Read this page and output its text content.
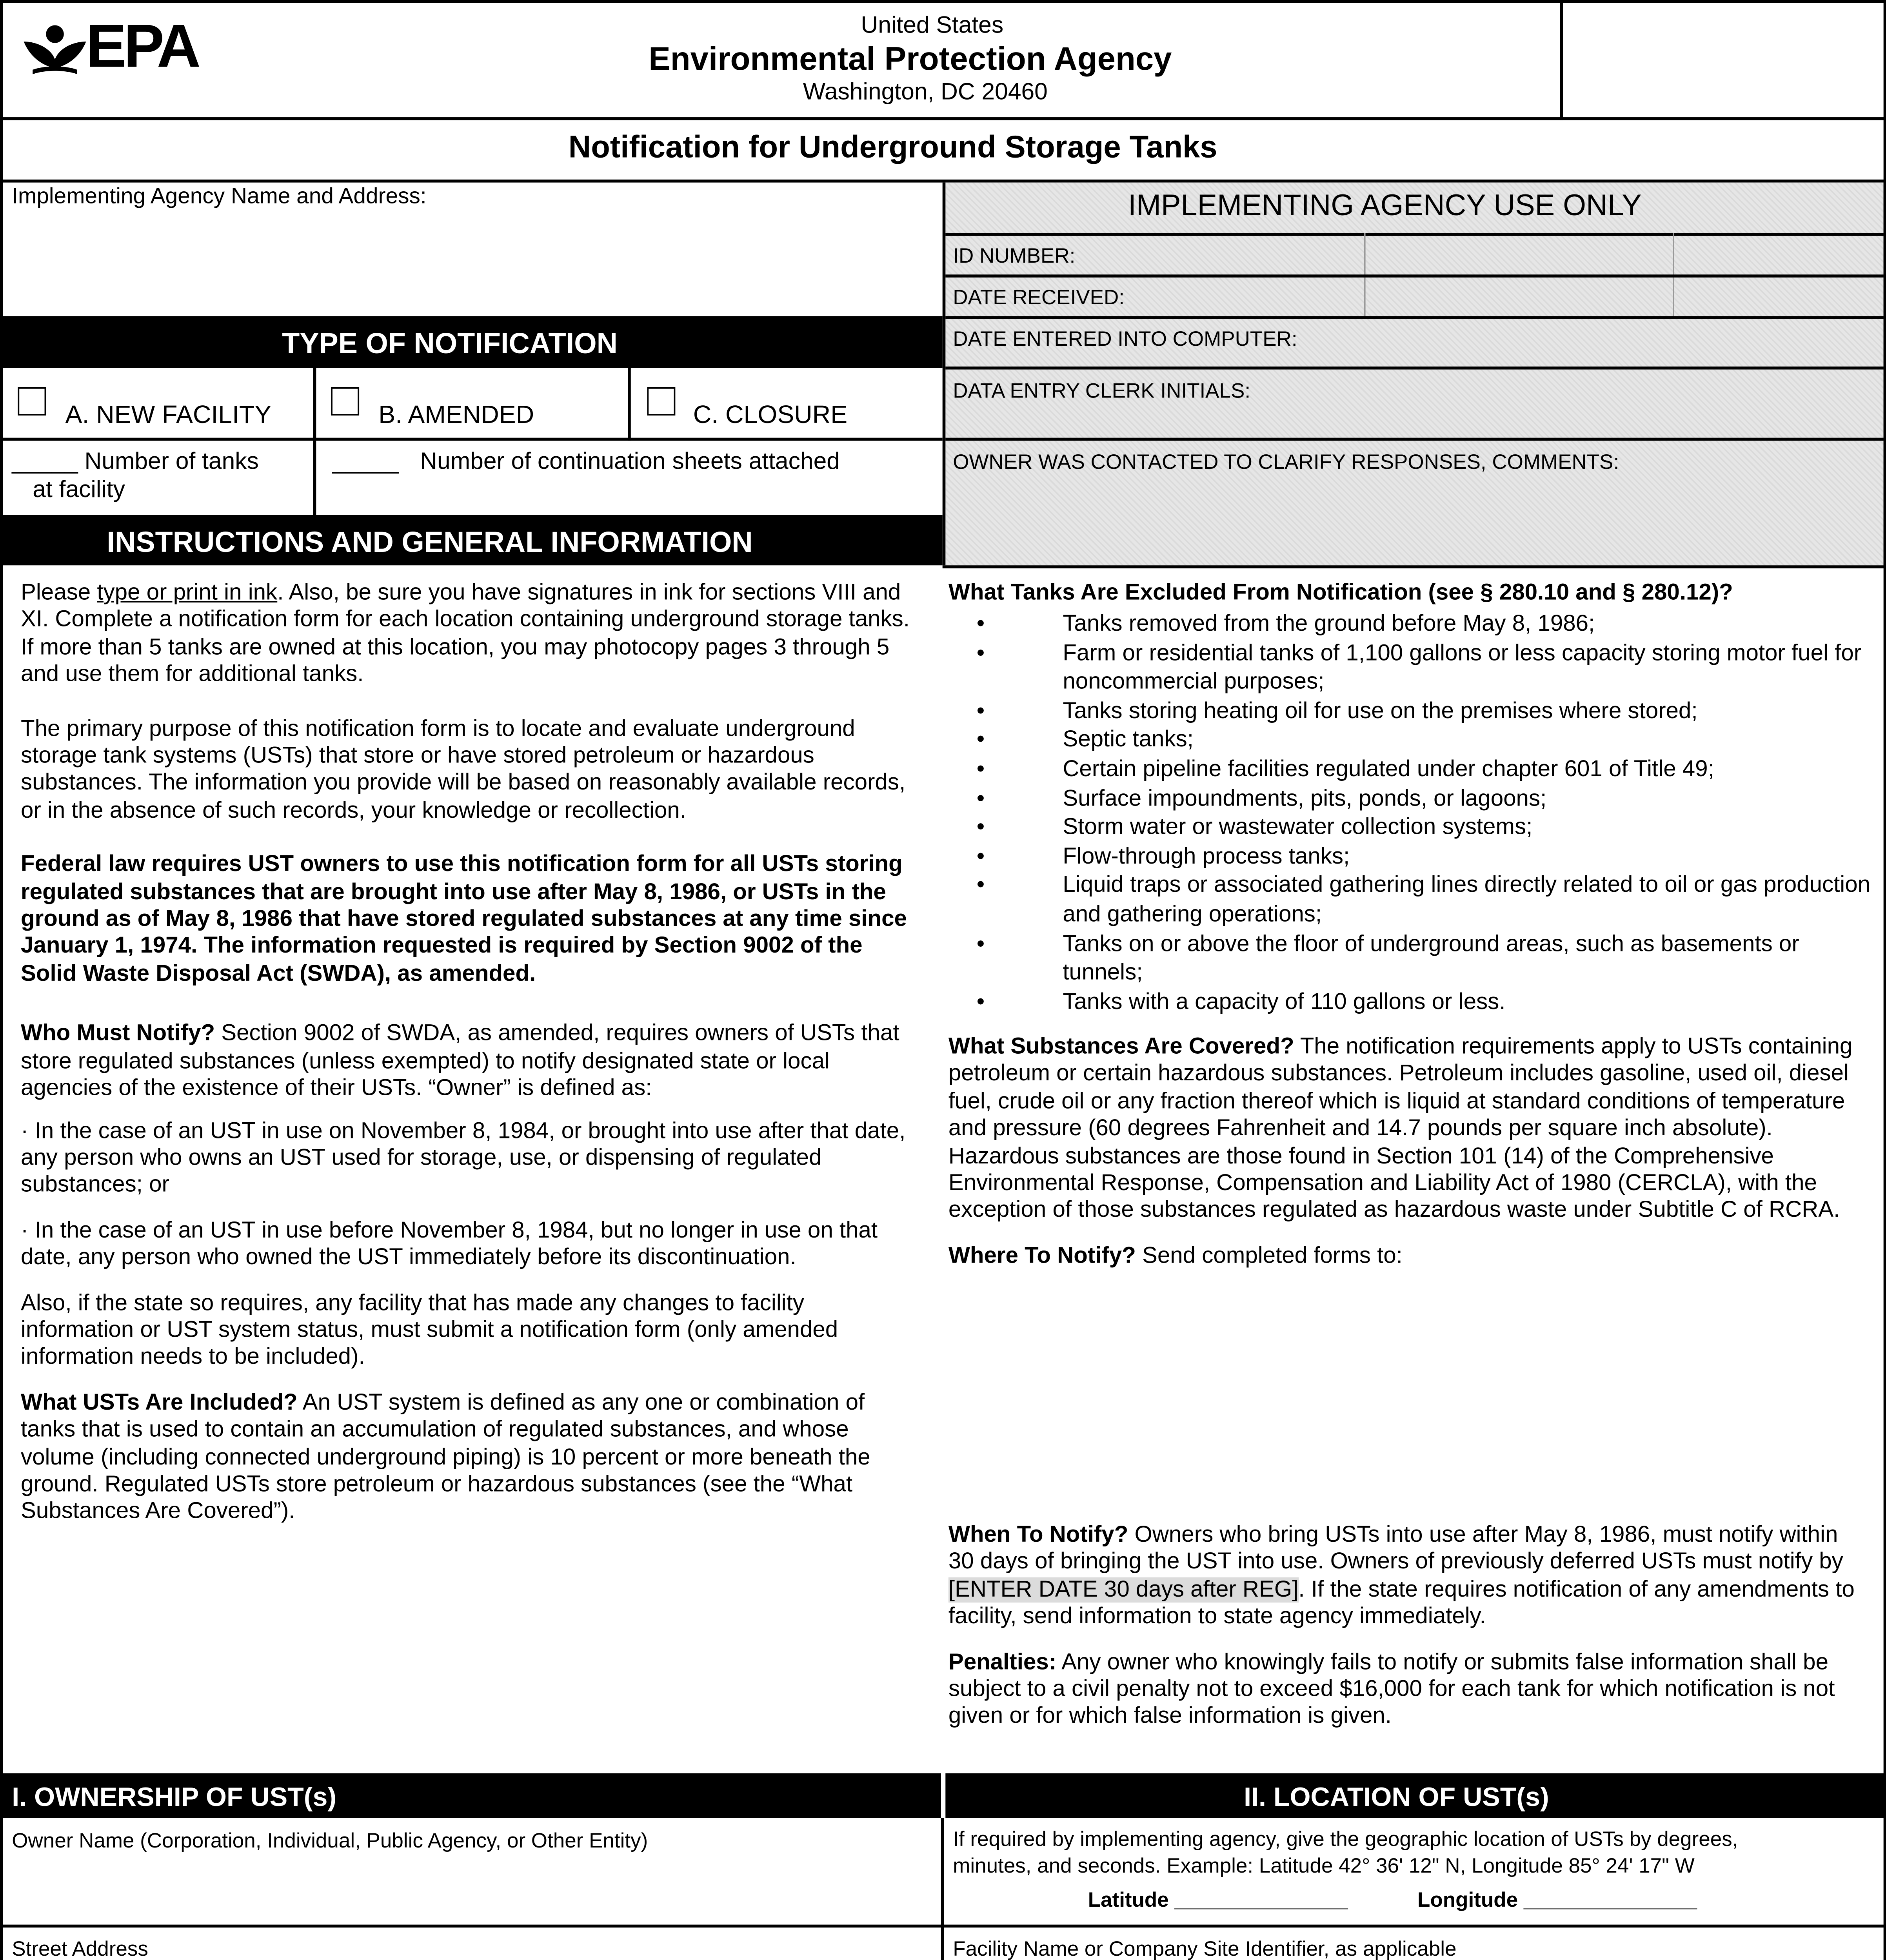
EPA	United States
Environmental Protection Agency
Washington, DC 20460
Notification for Underground Storage Tanks
Implementing Agency Name and Address:
TYPE OF NOTIFICATION
A. NEW FACILITY	B. AMENDED	C. CLOSURE
_____ Number of tanks
at facility
_____	Number of continuation sheets attached
INSTRUCTIONS AND GENERAL INFORMATION
IMPLEMENTING AGENCY USE ONLY
ID NUMBER:
DATE RECEIVED:
DATE ENTERED INTO COMPUTER:
DATA ENTRY CLERK INITIALS:
OWNER WAS CONTACTED TO CLARIFY RESPONSES, COMMENTS:

Please type or print in ink. Also, be sure you have signatures in ink for sections VIII and XI. Complete a notification form for each location containing underground storage tanks. If more than 5 tanks are owned at this location, you may photocopy pages 3 through 5 and use them for additional tanks.

The primary purpose of this notification form is to locate and evaluate underground storage tank systems (USTs) that store or have stored petroleum or hazardous substances. The information you provide will be based on reasonably available records, or in the absence of such records, your knowledge or recollection.

Federal law requires UST owners to use this notification form for all USTs storing regulated substances that are brought into use after May 8, 1986, or USTs in the ground as of May 8, 1986 that have stored regulated substances at any time since January 1, 1974. The information requested is required by Section 9002 of the Solid Waste Disposal Act (SWDA), as amended.

Who Must Notify? Section 9002 of SWDA, as amended, requires owners of USTs that store regulated substances (unless exempted) to notify designated state or local agencies of the existence of their USTs. “Owner” is defined as:

· In the case of an UST in use on November 8, 1984, or brought into use after that date, any person who owns an UST used for storage, use, or dispensing of regulated substances; or

· In the case of an UST in use before November 8, 1984, but no longer in use on that date, any person who owned the UST immediately before its discontinuation.

Also, if the state so requires, any facility that has made any changes to facility information or UST system status, must submit a notification form (only amended information needs to be included).

What USTs Are Included? An UST system is defined as any one or combination of tanks that is used to contain an accumulation of regulated substances, and whose volume (including connected underground piping) is 10 percent or more beneath the ground. Regulated USTs store petroleum or hazardous substances (see the “What Substances Are Covered”).

What Tanks Are Excluded From Notification (see § 280.10 and § 280.12)?
• Tanks removed from the ground before May 8, 1986;
• Farm or residential tanks of 1,100 gallons or less capacity storing motor fuel for noncommercial purposes;
• Tanks storing heating oil for use on the premises where stored;
• Septic tanks;
• Certain pipeline facilities regulated under chapter 601 of Title 49;
• Surface impoundments, pits, ponds, or lagoons;
• Storm water or wastewater collection systems;
• Flow-through process tanks;
• Liquid traps or associated gathering lines directly related to oil or gas production and gathering operations;
• Tanks on or above the floor of underground areas, such as basements or tunnels;
• Tanks with a capacity of 110 gallons or less.

What Substances Are Covered? The notification requirements apply to USTs containing petroleum or certain hazardous substances. Petroleum includes gasoline, used oil, diesel fuel, crude oil or any fraction thereof which is liquid at standard conditions of temperature and pressure (60 degrees Fahrenheit and 14.7 pounds per square inch absolute). Hazardous substances are those found in Section 101 (14) of the Comprehensive Environmental Response, Compensation and Liability Act of 1980 (CERCLA), with the exception of those substances regulated as hazardous waste under Subtitle C of RCRA.

Where To Notify? Send completed forms to:

When To Notify? Owners who bring USTs into use after May 8, 1986, must notify within 30 days of bringing the UST into use. Owners of previously deferred USTs must notify by [ENTER DATE 30 days after REG]. If the state requires notification of any amendments to facility, send information to state agency immediately.

Penalties: Any owner who knowingly fails to notify or submits false information shall be subject to a civil penalty not to exceed $16,000 for each tank for which notification is not given or for which false information is given.

I. OWNERSHIP OF UST(s)	II. LOCATION OF UST(s)
Owner Name (Corporation, Individual, Public Agency, or Other Entity)
Street Address
If required by implementing agency, give the geographic location of USTs by degrees,
minutes, and seconds. Example: Latitude 42° 36' 12" N, Longitude 85° 24' 17" W
Latitude _______________	Longitude _______________
Facility Name or Company Site Identifier, as applicable
